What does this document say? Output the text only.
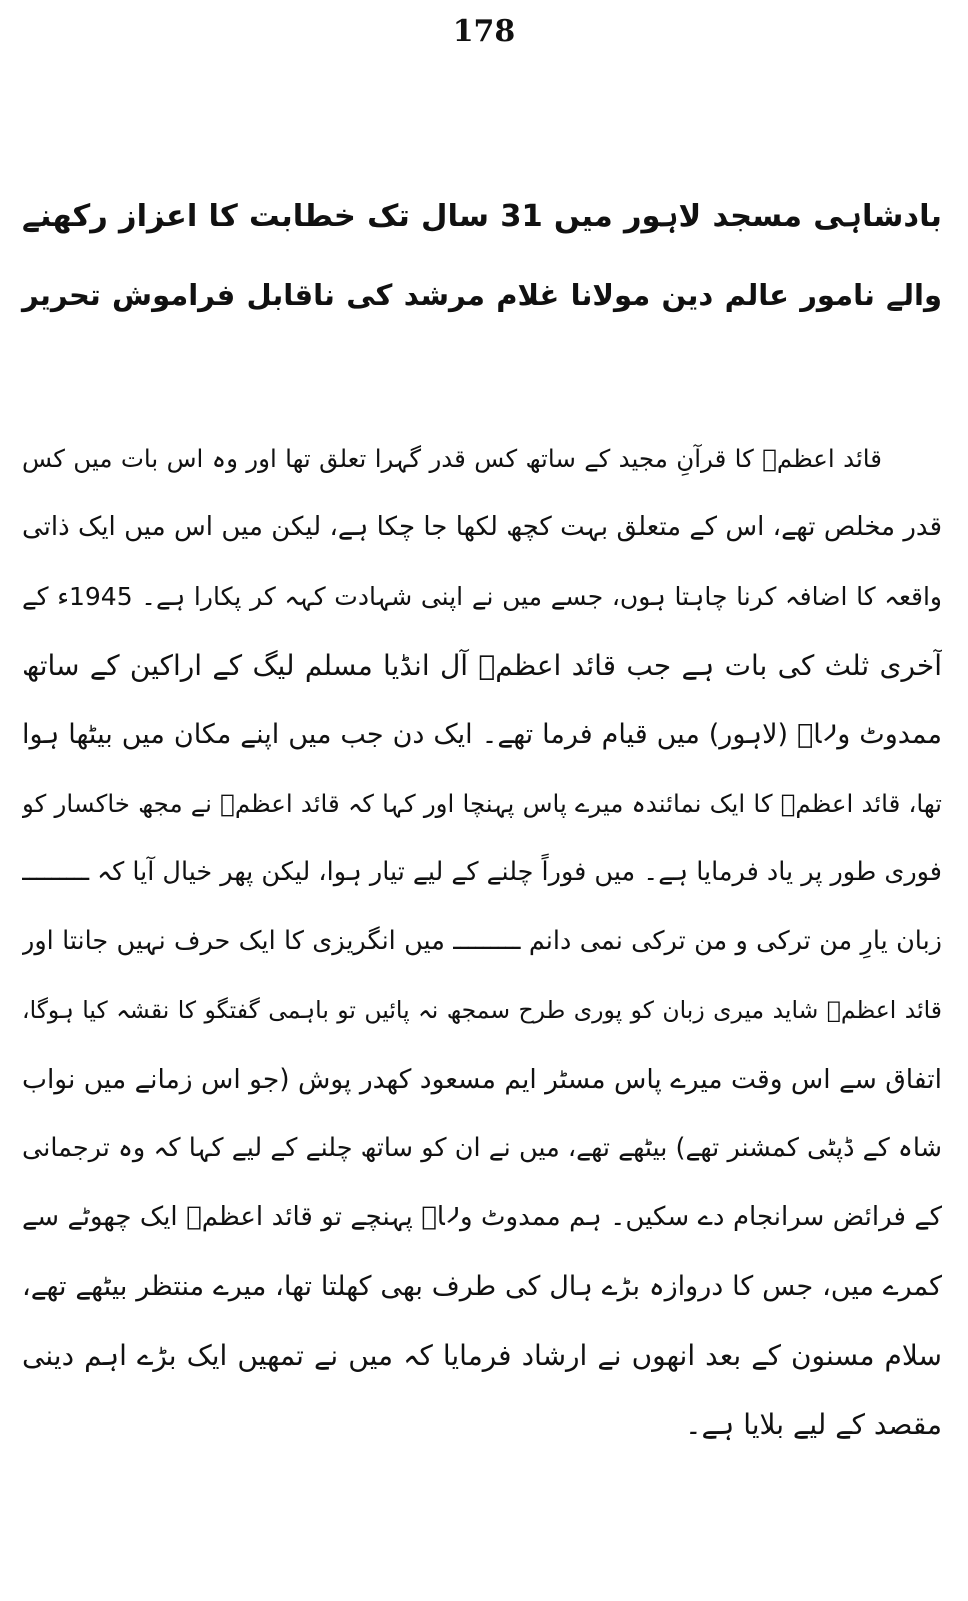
178
بادشاہی مسجد لاہور میں 31 سال تک خطابت کا اعزاز رکھنے
والے نامور عالم دین مولانا غلام مرشد کی ناقابل فراموش تحریر
قائد اعظمؒ کا قرآنِ مجید کے ساتھ کس قدر گہرا تعلق تھا اور وہ اس بات میں کس
قدر مخلص تھے، اس کے متعلق بہت کچھ لکھا جا چکا ہے، لیکن میں اس میں ایک ذاتی
واقعہ کا اضافہ کرنا چاہتا ہوں، جسے میں نے اپنی شہادت کہہ کر پکارا ہے۔ 1945ء کے
آخری ثلث کی بات ہے جب قائد اعظمؒ آل انڈیا مسلم لیگ کے اراکین کے ساتھ
ممدوٹ ولاؒ (لاہور) میں قیام فرما تھے۔ ایک دن جب میں اپنے مکان میں بیٹھا ہوا
تھا، قائد اعظمؒ کا ایک نمائندہ میرے پاس پہنچا اور کہا کہ قائد اعظمؒ نے مجھ خاکسار کو
فوری طور پر یاد فرمایا ہے۔ میں فوراً چلنے کے لیے تیار ہوا، لیکن پھر خیال آیا کہ ـــــــــ
زبان یارِ من ترکی و من ترکی نمی دانم ـــــــــ میں انگریزی کا ایک حرف نہیں جانتا اور
قائد اعظمؒ شاید میری زبان کو پوری طرح سمجھ نہ پائیں تو باہمی گفتگو کا نقشہ کیا ہوگا،
اتفاق سے اس وقت میرے پاس مسٹر ایم مسعود کھدر پوش (جو اس زمانے میں نواب
شاہ کے ڈپٹی کمشنر تھے) بیٹھے تھے، میں نے ان کو ساتھ چلنے کے لیے کہا کہ وہ ترجمانی
کے فرائض سرانجام دے سکیں۔ ہم ممدوٹ ولاؒ پہنچے تو قائد اعظمؒ ایک چھوٹے سے
کمرے میں، جس کا دروازہ بڑے ہال کی طرف بھی کھلتا تھا، میرے منتظر بیٹھے تھے،
سلام مسنون کے بعد انھوں نے ارشاد فرمایا کہ میں نے تمھیں ایک بڑے اہم دینی
مقصد کے لیے بلایا ہے۔
